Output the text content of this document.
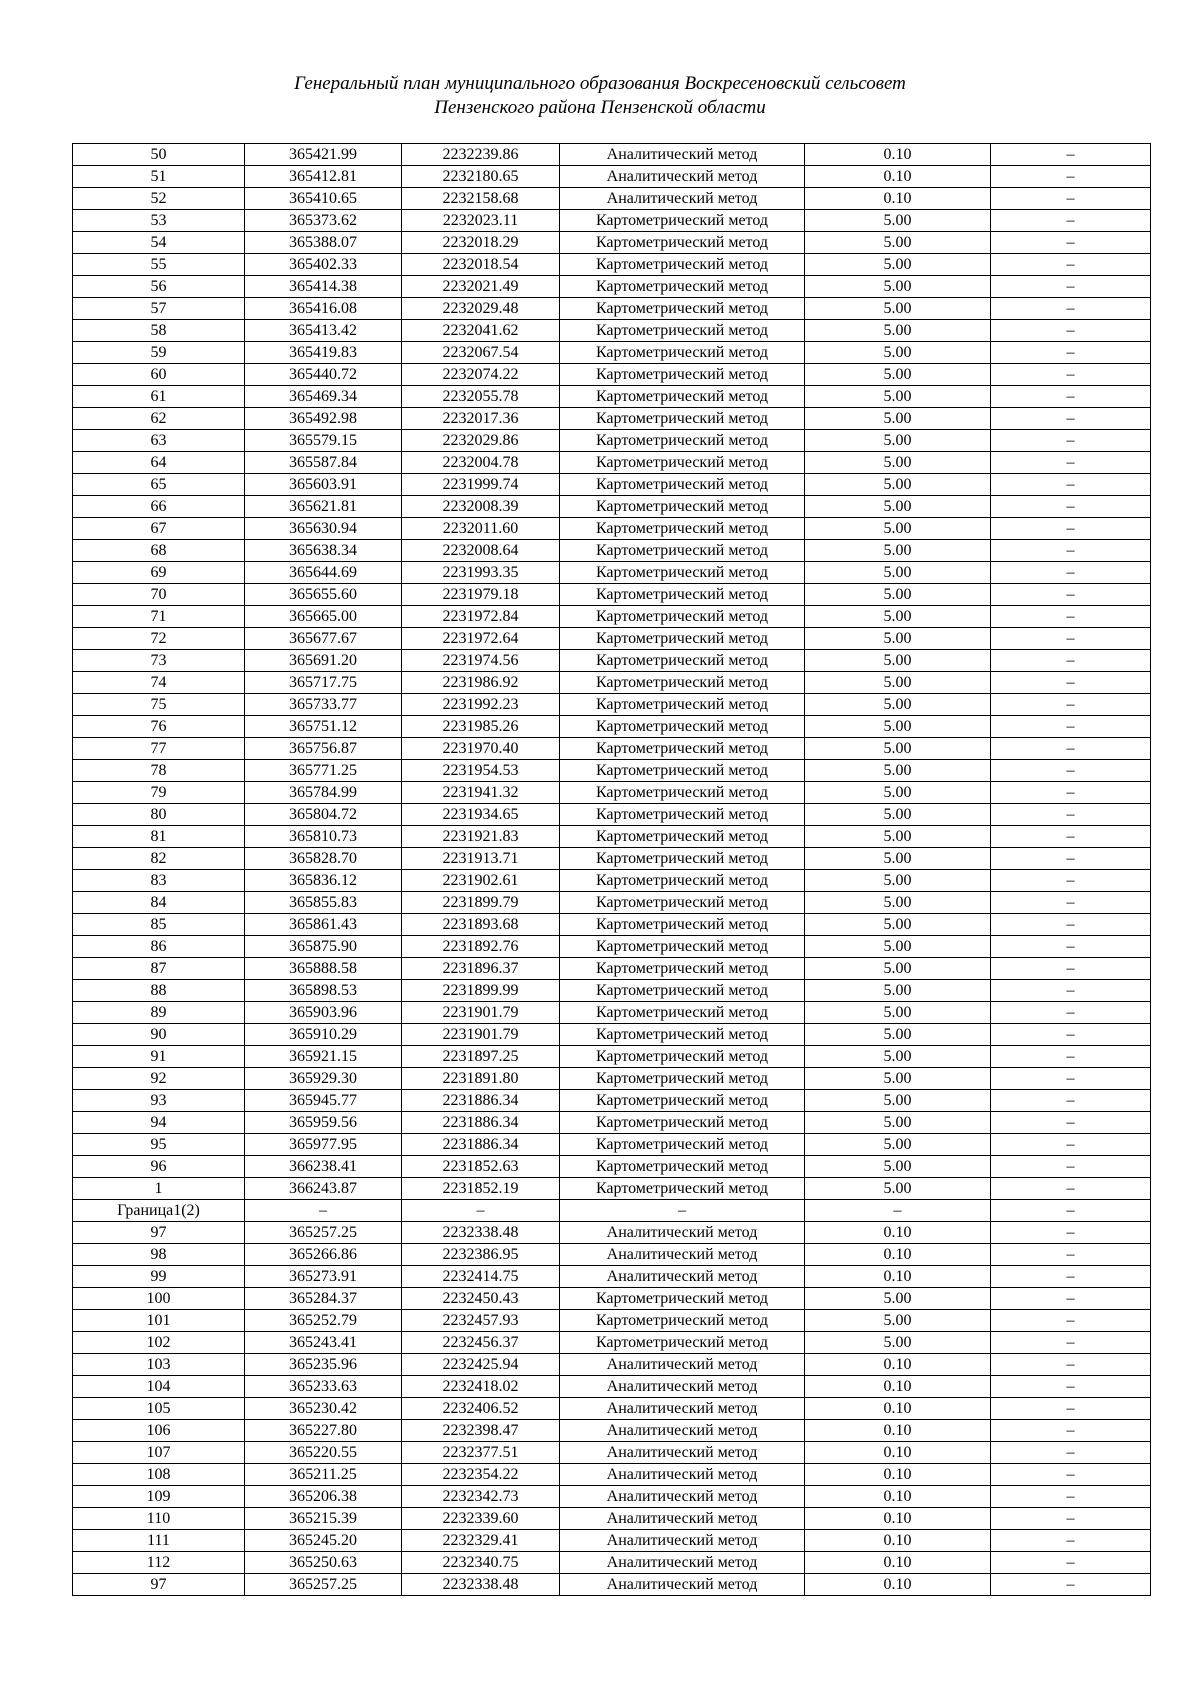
Генеральный план муниципального образования Воскресеновский сельсовет
Пензенского района Пензенской области
50	365421.99	2232239.86	Аналитический метод	0.10	–
51	365412.81	2232180.65	Аналитический метод	0.10	–
52	365410.65	2232158.68	Аналитический метод	0.10	–
53	365373.62	2232023.11	Картометрический метод	5.00	–
54	365388.07	2232018.29	Картометрический метод	5.00	–
55	365402.33	2232018.54	Картометрический метод	5.00	–
56	365414.38	2232021.49	Картометрический метод	5.00	–
57	365416.08	2232029.48	Картометрический метод	5.00	–
58	365413.42	2232041.62	Картометрический метод	5.00	–
59	365419.83	2232067.54	Картометрический метод	5.00	–
60	365440.72	2232074.22	Картометрический метод	5.00	–
61	365469.34	2232055.78	Картометрический метод	5.00	–
62	365492.98	2232017.36	Картометрический метод	5.00	–
63	365579.15	2232029.86	Картометрический метод	5.00	–
64	365587.84	2232004.78	Картометрический метод	5.00	–
65	365603.91	2231999.74	Картометрический метод	5.00	–
66	365621.81	2232008.39	Картометрический метод	5.00	–
67	365630.94	2232011.60	Картометрический метод	5.00	–
68	365638.34	2232008.64	Картометрический метод	5.00	–
69	365644.69	2231993.35	Картометрический метод	5.00	–
70	365655.60	2231979.18	Картометрический метод	5.00	–
71	365665.00	2231972.84	Картометрический метод	5.00	–
72	365677.67	2231972.64	Картометрический метод	5.00	–
73	365691.20	2231974.56	Картометрический метод	5.00	–
74	365717.75	2231986.92	Картометрический метод	5.00	–
75	365733.77	2231992.23	Картометрический метод	5.00	–
76	365751.12	2231985.26	Картометрический метод	5.00	–
77	365756.87	2231970.40	Картометрический метод	5.00	–
78	365771.25	2231954.53	Картометрический метод	5.00	–
79	365784.99	2231941.32	Картометрический метод	5.00	–
80	365804.72	2231934.65	Картометрический метод	5.00	–
81	365810.73	2231921.83	Картометрический метод	5.00	–
82	365828.70	2231913.71	Картометрический метод	5.00	–
83	365836.12	2231902.61	Картометрический метод	5.00	–
84	365855.83	2231899.79	Картометрический метод	5.00	–
85	365861.43	2231893.68	Картометрический метод	5.00	–
86	365875.90	2231892.76	Картометрический метод	5.00	–
87	365888.58	2231896.37	Картометрический метод	5.00	–
88	365898.53	2231899.99	Картометрический метод	5.00	–
89	365903.96	2231901.79	Картометрический метод	5.00	–
90	365910.29	2231901.79	Картометрический метод	5.00	–
91	365921.15	2231897.25	Картометрический метод	5.00	–
92	365929.30	2231891.80	Картометрический метод	5.00	–
93	365945.77	2231886.34	Картометрический метод	5.00	–
94	365959.56	2231886.34	Картометрический метод	5.00	–
95	365977.95	2231886.34	Картометрический метод	5.00	–
96	366238.41	2231852.63	Картометрический метод	5.00	–
1	366243.87	2231852.19	Картометрический метод	5.00	–
Граница1(2)	–	–	–	–	–
97	365257.25	2232338.48	Аналитический метод	0.10	–
98	365266.86	2232386.95	Аналитический метод	0.10	–
99	365273.91	2232414.75	Аналитический метод	0.10	–
100	365284.37	2232450.43	Картометрический метод	5.00	–
101	365252.79	2232457.93	Картометрический метод	5.00	–
102	365243.41	2232456.37	Картометрический метод	5.00	–
103	365235.96	2232425.94	Аналитический метод	0.10	–
104	365233.63	2232418.02	Аналитический метод	0.10	–
105	365230.42	2232406.52	Аналитический метод	0.10	–
106	365227.80	2232398.47	Аналитический метод	0.10	–
107	365220.55	2232377.51	Аналитический метод	0.10	–
108	365211.25	2232354.22	Аналитический метод	0.10	–
109	365206.38	2232342.73	Аналитический метод	0.10	–
110	365215.39	2232339.60	Аналитический метод	0.10	–
111	365245.20	2232329.41	Аналитический метод	0.10	–
112	365250.63	2232340.75	Аналитический метод	0.10	–
97	365257.25	2232338.48	Аналитический метод	0.10	–
